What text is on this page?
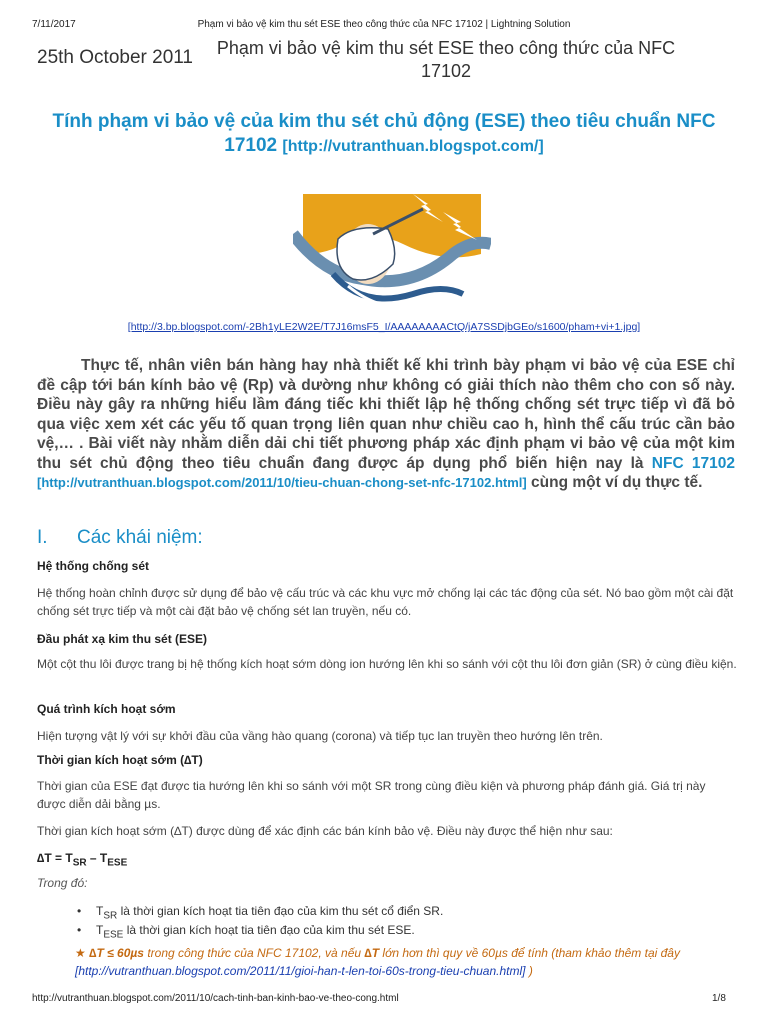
7/11/2017	Phạm vi bảo vệ kim thu sét ESE theo công thức của NFC 17102 | Lightning Solution
25th October 2011	Phạm vi bảo vệ kim thu sét ESE theo công thức của NFC 17102
Tính phạm vi bảo vệ của kim thu sét chủ động (ESE) theo tiêu chuẩn NFC 17102 [http://vutranthuan.blogspot.com/]
[http://3.bp.blogspot.com/-2Bh1yLE2W2E/T7J16msF5_I/AAAAAAAACtQ/jA7SSDjbGEo/s1600/pham+vi+1.jpg]
Thực tế, nhân viên bán hàng hay nhà thiết kế khi trình bày phạm vi bảo vệ của ESE chỉ đề cập tới bán kính bảo vệ (Rp) và dường như không có giải thích nào thêm cho con số này. Điều này gây ra những hiểu lầm đáng tiếc khi thiết lập hệ thống chống sét trực tiếp vì đã bỏ qua việc xem xét các yếu tố quan trọng liên quan như chiều cao h, hình thể cấu trúc cần bảo vệ,… . Bài viết này nhằm diễn dải chi tiết phương pháp xác định phạm vi bảo vệ của một kim thu sét chủ động theo tiêu chuẩn đang được áp dụng phổ biến hiện nay là NFC 17102 [http://vutranthuan.blogspot.com/2011/10/tieu-chuan-chong-set-nfc-17102.html] cùng một ví dụ thực tế.
I. Các khái niệm:
Hệ thống chống sét
Hệ thống hoàn chỉnh được sử dụng để bảo vệ cấu trúc và các khu vực mở chống lại các tác động của sét. Nó bao gồm một cài đặt chống sét trực tiếp và một cài đặt bảo vệ chống sét lan truyền, nếu có.
Đầu phát xạ kim thu sét (ESE)
Một cột thu lôi được trang bị hệ thống kích hoạt sớm dòng ion hướng lên khi so sánh với cột thu lôi đơn giản (SR) ở cùng điều kiện.
Quá trình kích hoạt sớm
Hiện tượng vật lý với sự khởi đầu của vầng hào quang (corona) và tiếp tục lan truyền theo hướng lên trên.
Thời gian kích hoạt sớm (∆T)
Thời gian của ESE đạt được tia hướng lên khi so sánh với một SR trong cùng điều kiện và phương pháp đánh giá. Giá trị này được diễn dải bằng µs.
Thời gian kích hoạt sớm (∆T) được dùng để xác định các bán kính bảo vệ. Điều này được thể hiện như sau:
$\Delta T = T_{SR} - T_{ESE}$
Trong đó:
• $T_{SR}$ là thời gian kích hoạt tia tiên đạo của kim thu sét cổ điển SR.
• $T_{ESE}$ là thời gian kích hoạt tia tiên đạo của kim thu sét ESE.
★ ∆T ≤ 60µs trong công thức của NFC 17102, và nếu ∆T lớn hơn thì quy về 60µs để tính (tham khảo thêm tại đây [http://vutranthuan.blogspot.com/2011/11/gioi-han-t-len-toi-60s-trong-tieu-chuan.html] )
http://vutranthuan.blogspot.com/2011/10/cach-tinh-ban-kinh-bao-ve-theo-cong.html	1/8
